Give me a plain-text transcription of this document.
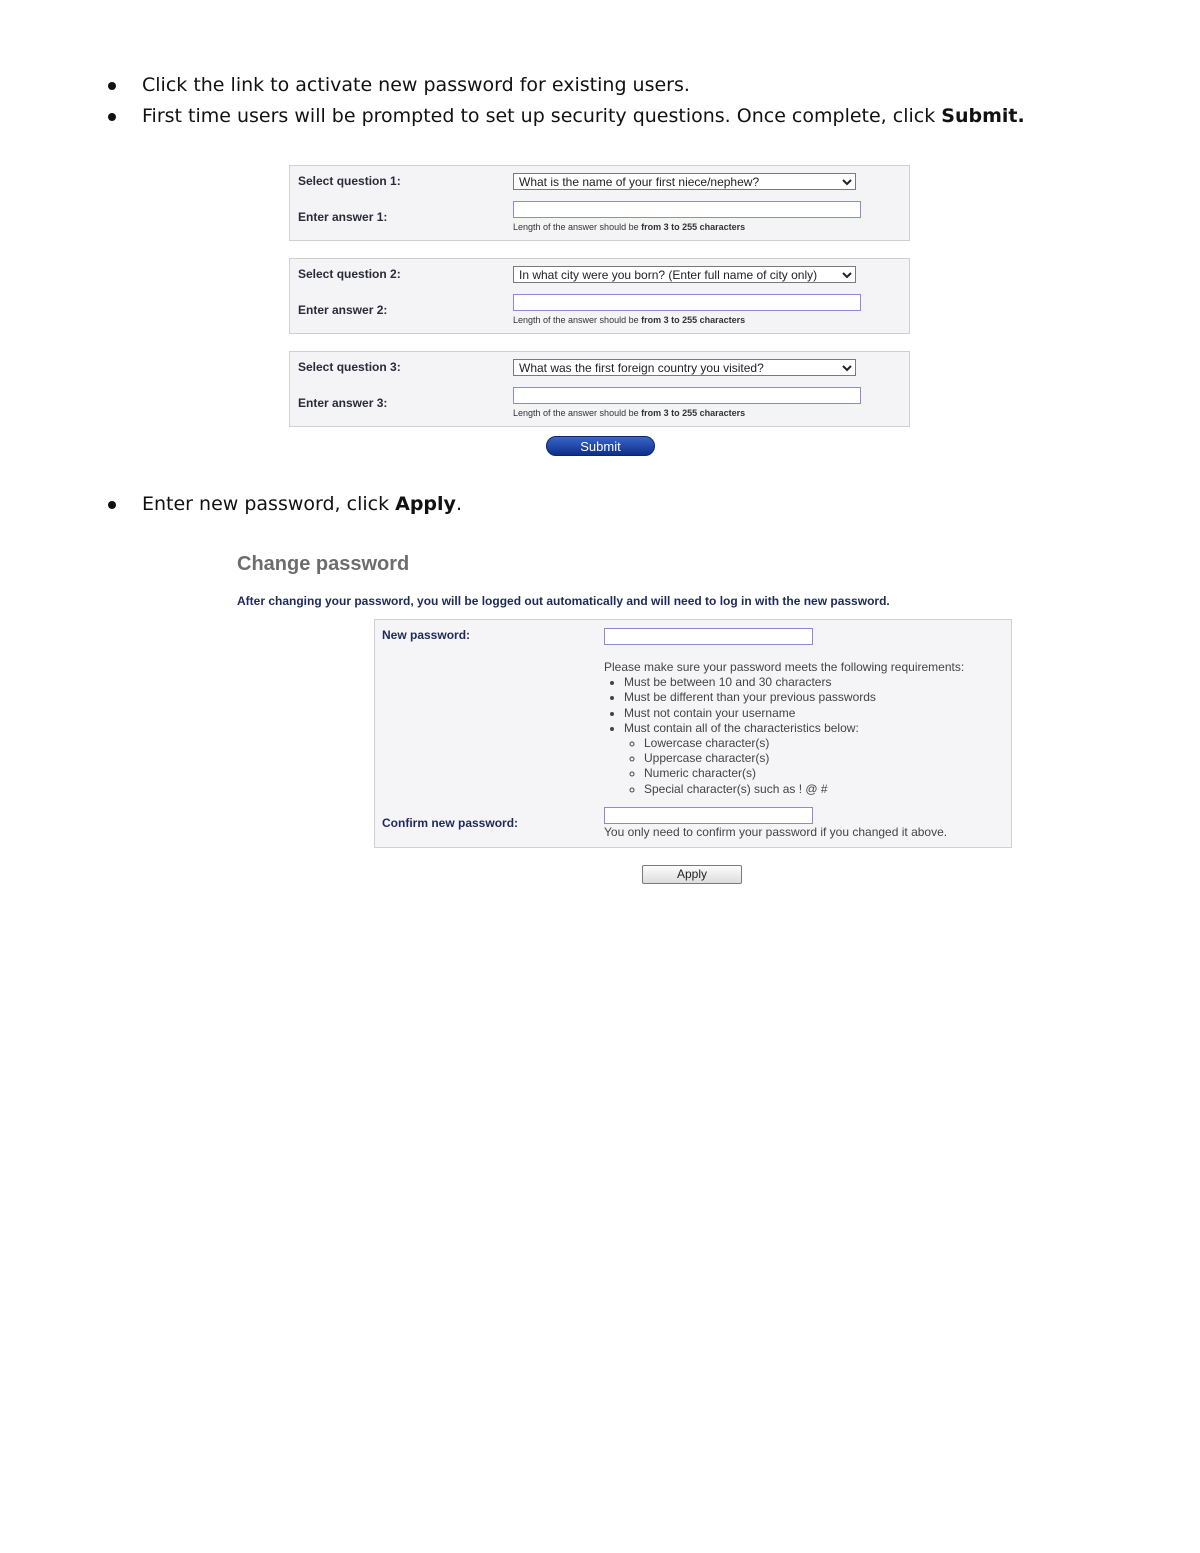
Click the link to activate new password for existing users.
First time users will be prompted to set up security questions. Once complete, click Submit.
Select question 1:
Enter answer 1:
What is the name of your first niece/nephew?
Length of the answer should be from 3 to 255 characters
Select question 2:
Enter answer 2:
In what city were you born? (Enter full name of city only)
Length of the answer should be from 3 to 255 characters
Select question 3:
Enter answer 3:
What was the first foreign country you visited?
Length of the answer should be from 3 to 255 characters
Submit
Enter new password, click Apply.
Change password
After changing your password, you will be logged out automatically and will need to log in with the new password.
New password:
Please make sure your password meets the following requirements:
• Must be between 10 and 30 characters
• Must be different than your previous passwords
• Must not contain your username
• Must contain all of the characteristics below:
◦ Lowercase character(s)
◦ Uppercase character(s)
◦ Numeric character(s)
◦ Special character(s) such as ! @ #
Confirm new password:
You only need to confirm your password if you changed it above.
Apply
